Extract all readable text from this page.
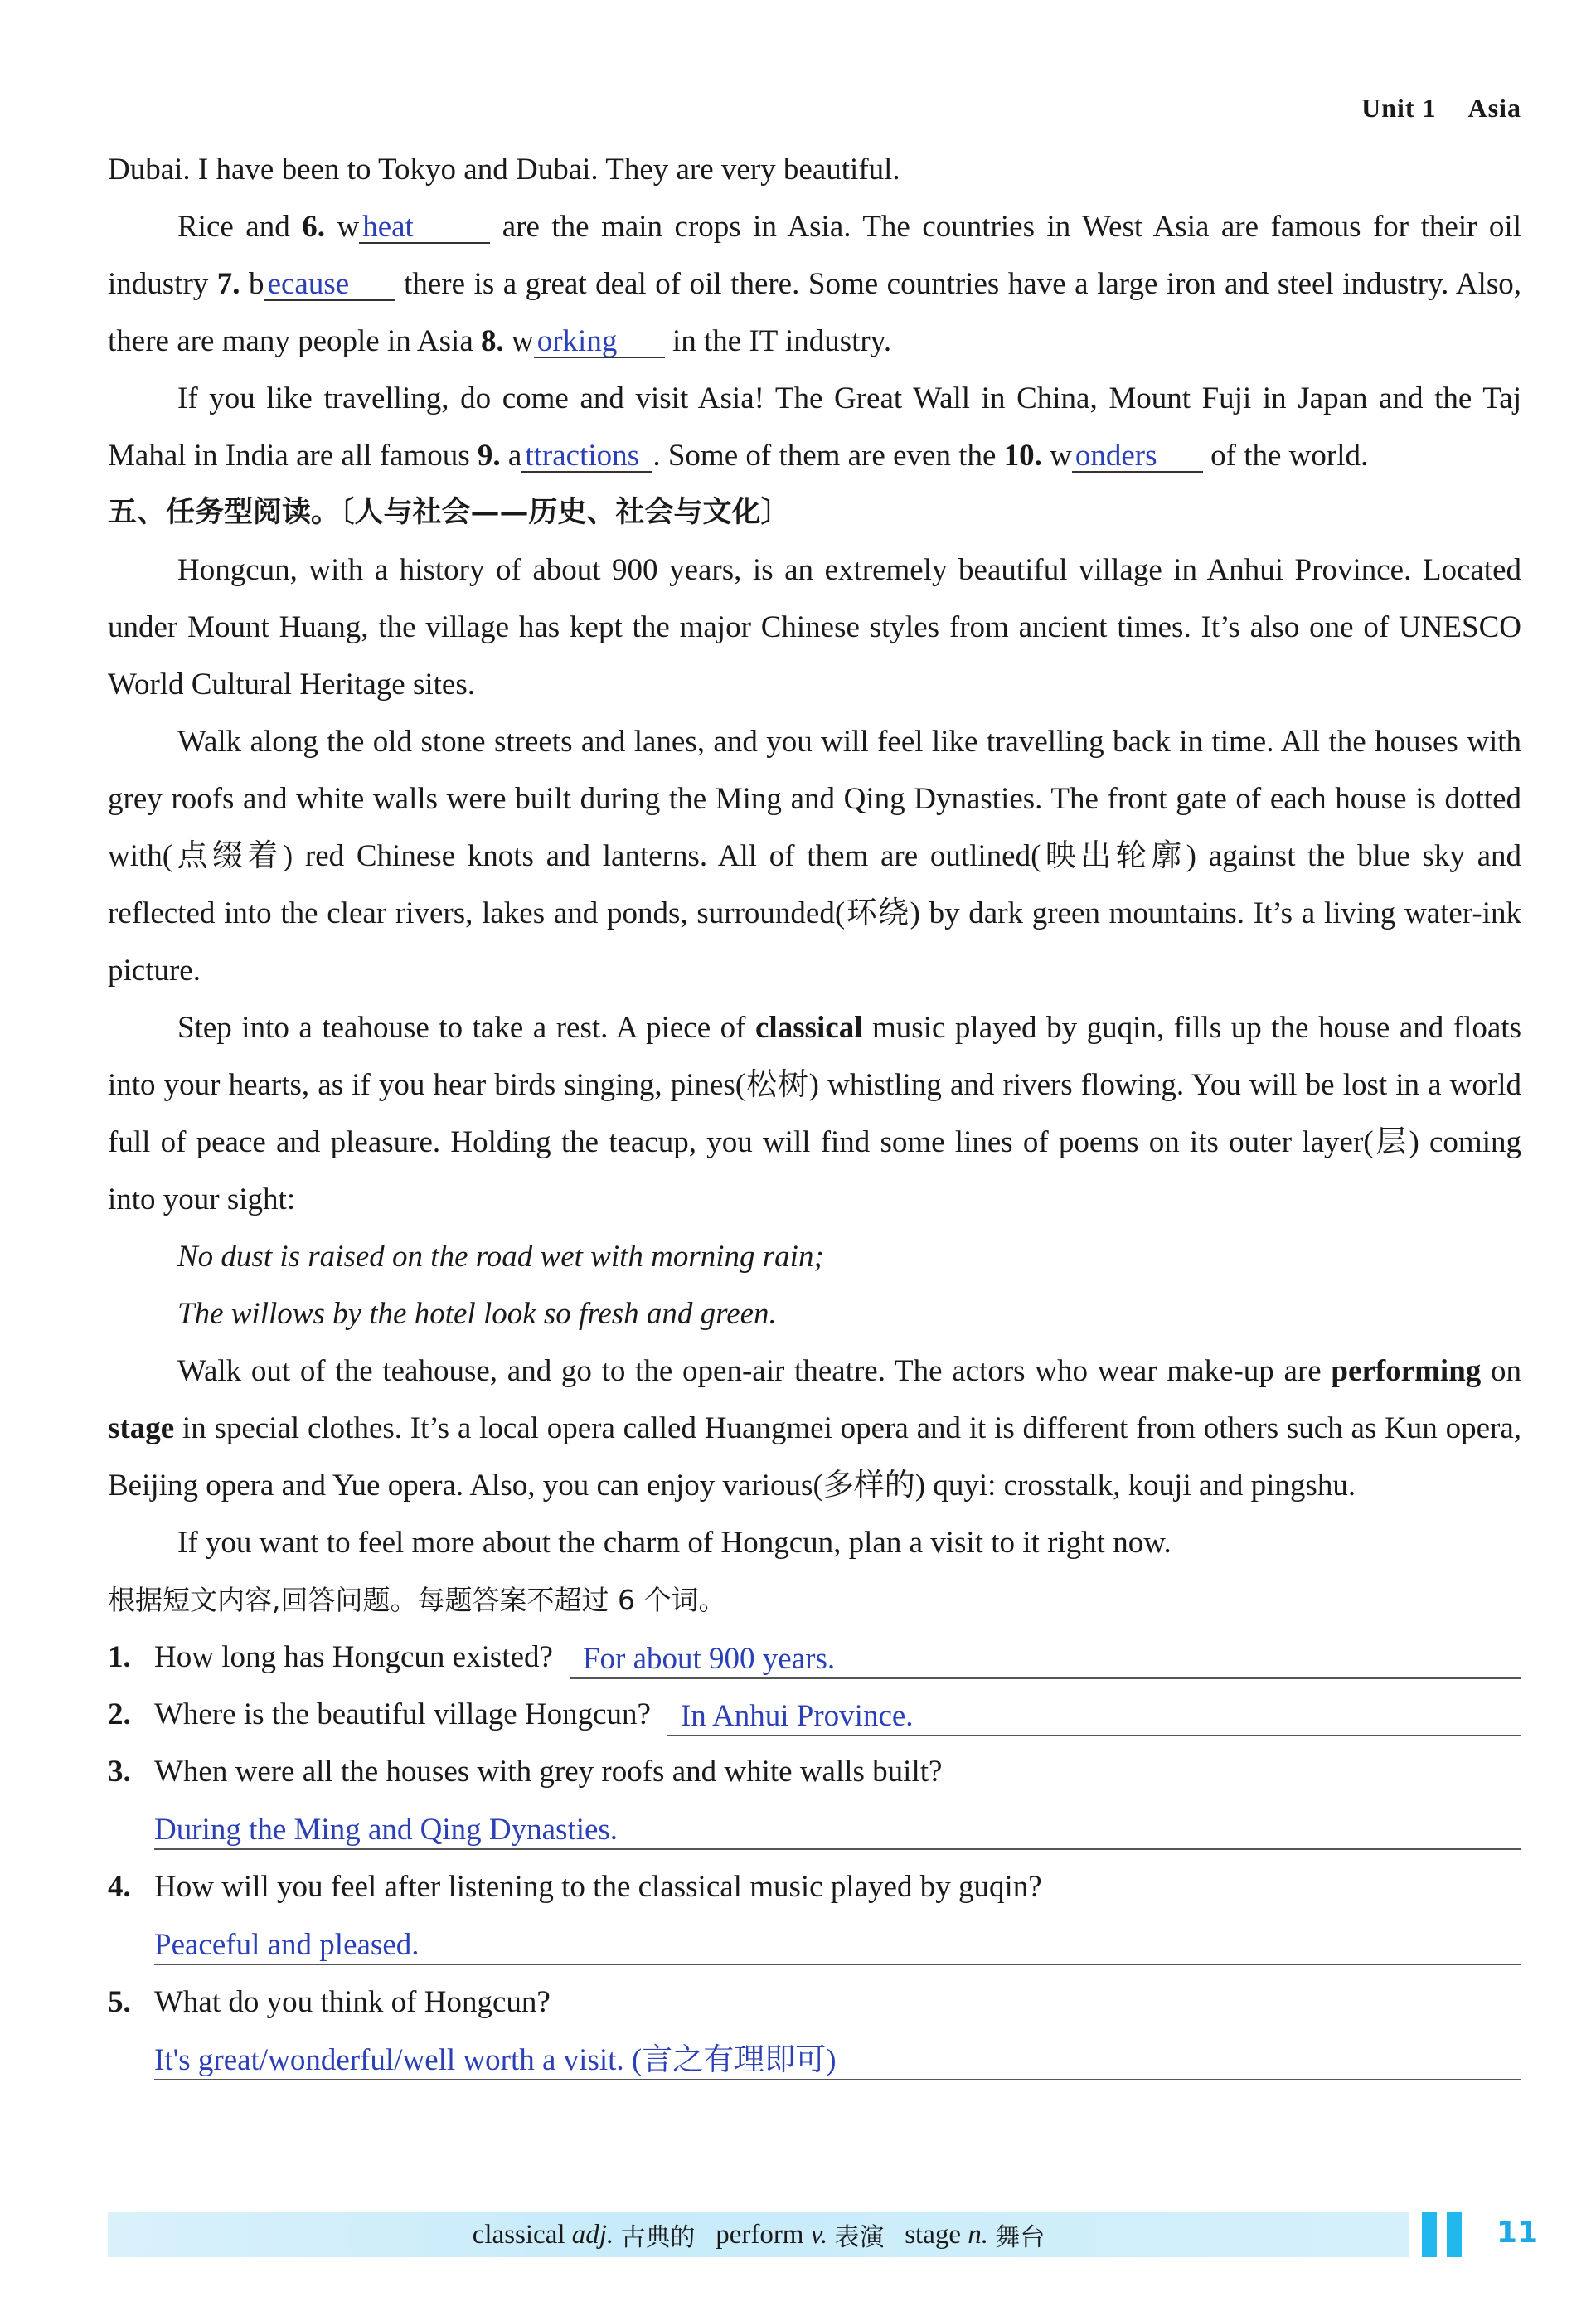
Unit 1 Asia

Dubai. I have been to Tokyo and Dubai. They are very beautiful.

Rice and 6. w heat are the main crops in Asia. The countries in West Asia are famous for their oil industry 7. b ecause there is a great deal of oil there. Some countries have a large iron and steel industry. Also, there are many people in Asia 8. w orking in the IT industry.

If you like travelling, do come and visit Asia! The Great Wall in China, Mount Fuji in Japan and the Taj Mahal in India are all famous 9. a ttractions . Some of them are even the 10. w onders of the world.

五、任务型阅读。〔人与社会——历史、社会与文化〕

Hongcun, with a history of about 900 years, is an extremely beautiful village in Anhui Province. Located under Mount Huang, the village has kept the major Chinese styles from ancient times. It’s also one of UNESCO World Cultural Heritage sites.

Walk along the old stone streets and lanes, and you will feel like travelling back in time. All the houses with grey roofs and white walls were built during the Ming and Qing Dynasties. The front gate of each house is dotted with(点缀着) red Chinese knots and lanterns. All of them are outlined(映出轮廓) against the blue sky and reflected into the clear rivers, lakes and ponds, surrounded(环绕) by dark green mountains. It’s a living water-ink picture.

Step into a teahouse to take a rest. A piece of classical music played by guqin, fills up the house and floats into your hearts, as if you hear birds singing, pines(松树) whistling and rivers flowing. You will be lost in a world full of peace and pleasure. Holding the teacup, you will find some lines of poems on its outer layer(层) coming into your sight:

No dust is raised on the road wet with morning rain;

The willows by the hotel look so fresh and green.

Walk out of the teahouse, and go to the open-air theatre. The actors who wear make-up are performing on stage in special clothes. It’s a local opera called Huangmei opera and it is different from others such as Kun opera, Beijing opera and Yue opera. Also, you can enjoy various(多样的) quyi: crosstalk, kouji and pingshu.

If you want to feel more about the charm of Hongcun, plan a visit to it right now.

根据短文内容,回答问题。每题答案不超过 6 个词。

1. How long has Hongcun existed? For about 900 years.
2. Where is the beautiful village Hongcun? In Anhui Province.
3. When were all the houses with grey roofs and white walls built?
During the Ming and Qing Dynasties.
4. How will you feel after listening to the classical music played by guqin?
Peaceful and pleased.
5. What do you think of Hongcun?
It's great/wonderful/well worth a visit. (言之有理即可)
classical
adj.
古典的
perform
v.
表演
stage
n.
舞台	11
